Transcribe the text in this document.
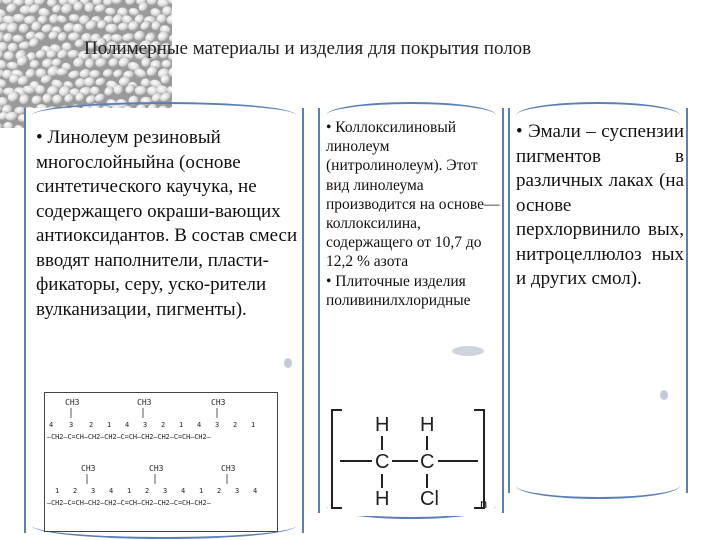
Полимерные материалы и изделия для покрытия полов
• Линолеум резиновый многослойныйна (основе синтетического каучука, не содержащего окраши-вающих антиоксидантов. В состав смеси вводят наполнители, пласти-фикаторы, серу, уско-рители вулканизации, пигменты).
CH3	CH3	CH3
4 3 2 1 4 3 2 1 4 3 2 1
—CH2—C=CH—CH2—CH2—C=CH—CH2—CH2—C=CH—CH2—
CH3	CH3	CH3
1 2 3 4 1 2 3 4 1 2 3 4
—CH2—C=CH—CH2—CH2—C=CH—CH2—CH2—C=CH—CH2—
• Коллоксилиновый линолеум (нитролинолеум). Этот вид линолеума производится на основе— коллоксилина, содержащего от 10,7 до 12,2 % азота
• Плиточные изделия поливинилхлоридные
H H
C C
H Cl	n
• Эмали – суспензии пигментов в различных лаках (на основе перхлорвинило вых, нитроцеллюлоз ных и других смол).
